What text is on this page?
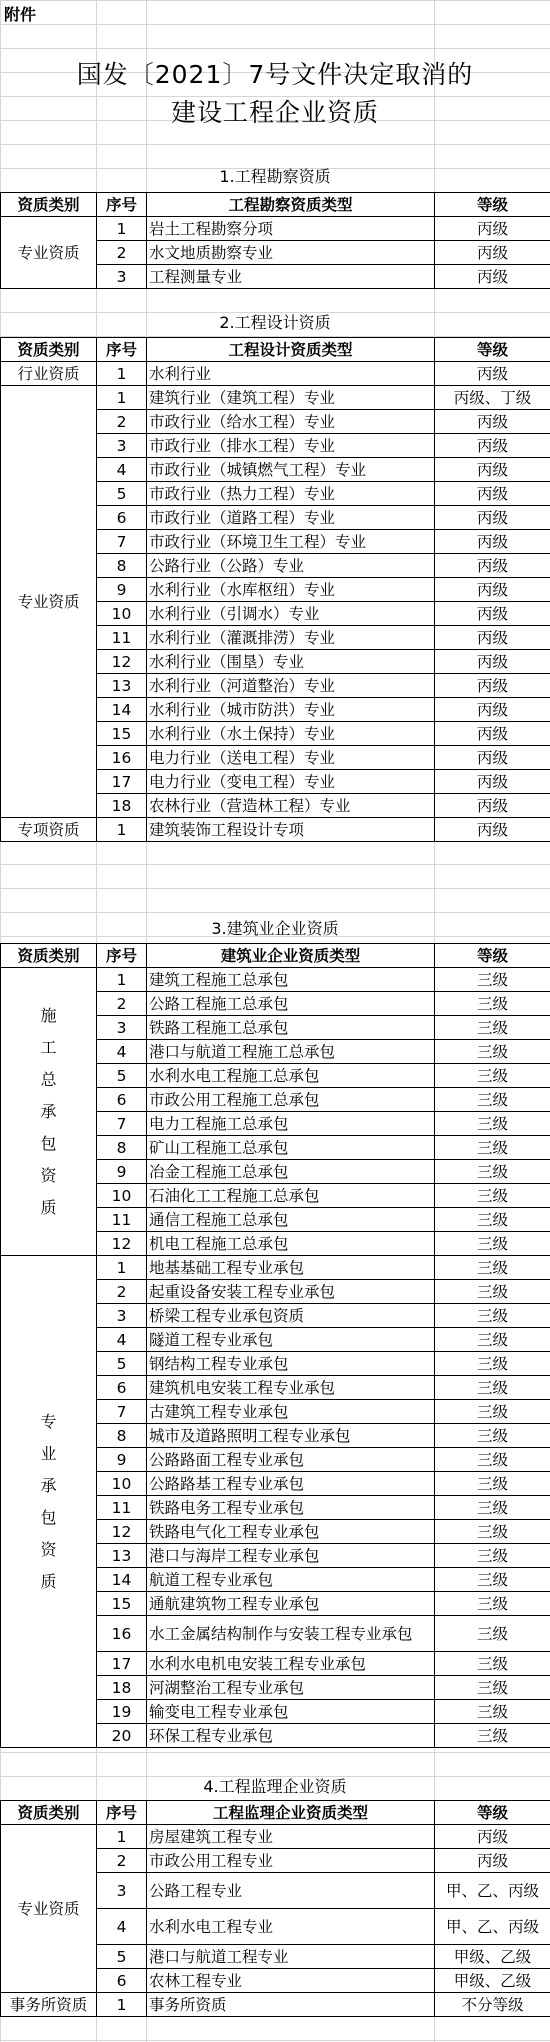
附件
国发〔2021〕7号文件决定取消的
建设工程企业资质
1.工程勘察资质
资质类别	序号	工程勘察资质类型	等级
专业资质	1	岩土工程勘察分项	丙级
	2	水文地质勘察专业	丙级
	3	工程测量专业	丙级
2.工程设计资质
资质类别	序号	工程设计资质类型	等级
行业资质	1	水利行业	丙级
专业资质	1	建筑行业（建筑工程）专业	丙级、丁级
	2	市政行业（给水工程）专业	丙级
	3	市政行业（排水工程）专业	丙级
	4	市政行业（城镇燃气工程）专业	丙级
	5	市政行业（热力工程）专业	丙级
	6	市政行业（道路工程）专业	丙级
	7	市政行业（环境卫生工程）专业	丙级
	8	公路行业（公路）专业	丙级
	9	水利行业（水库枢纽）专业	丙级
	10	水利行业（引调水）专业	丙级
	11	水利行业（灌溉排涝）专业	丙级
	12	水利行业（围垦）专业	丙级
	13	水利行业（河道整治）专业	丙级
	14	水利行业（城市防洪）专业	丙级
	15	水利行业（水土保持）专业	丙级
	16	电力行业（送电工程）专业	丙级
	17	电力行业（变电工程）专业	丙级
	18	农林行业（营造林工程）专业	丙级
专项资质	1	建筑装饰工程设计专项	丙级
3.建筑业企业资质
资质类别	序号	建筑业企业资质类型	等级

施工总承包资质	1	建筑工程施工总承包	三级
	2	公路工程施工总承包	三级
	3	铁路工程施工总承包	三级
	4	港口与航道工程施工总承包	三级
	5	水利水电工程施工总承包	三级
	6	市政公用工程施工总承包	三级
	7	电力工程施工总承包	三级
	8	矿山工程施工总承包	三级
	9	冶金工程施工总承包	三级
	10	石油化工工程施工总承包	三级
	11	通信工程施工总承包	三级
	12	机电工程施工总承包	三级

专业承包资质	1	地基基础工程专业承包	三级
	2	起重设备安装工程专业承包	三级
	3	桥梁工程专业承包资质	三级
	4	隧道工程专业承包	三级
	5	钢结构工程专业承包	三级
	6	建筑机电安装工程专业承包	三级
	7	古建筑工程专业承包	三级
	8	城市及道路照明工程专业承包	三级
	9	公路路面工程专业承包	三级
	10	公路路基工程专业承包	三级
	11	铁路电务工程专业承包	三级
	12	铁路电气化工程专业承包	三级
	13	港口与海岸工程专业承包	三级
	14	航道工程专业承包	三级
	15	通航建筑物工程专业承包	三级
	16	水工金属结构制作与安装工程专业承包	三级
	17	水利水电机电安装工程专业承包	三级
	18	河湖整治工程专业承包	三级
	19	输变电工程专业承包	三级
	20	环保工程专业承包	三级
4.工程监理企业资质
资质类别	序号	工程监理企业资质类型	等级
专业资质	1	房屋建筑工程专业	丙级
	2	市政公用工程专业	丙级
	3	公路工程专业	甲、乙、丙级
	4	水利水电工程专业	甲、乙、丙级
	5	港口与航道工程专业	甲级、乙级
	6	农林工程专业	甲级、乙级
事务所资质	1	事务所资质	不分等级
